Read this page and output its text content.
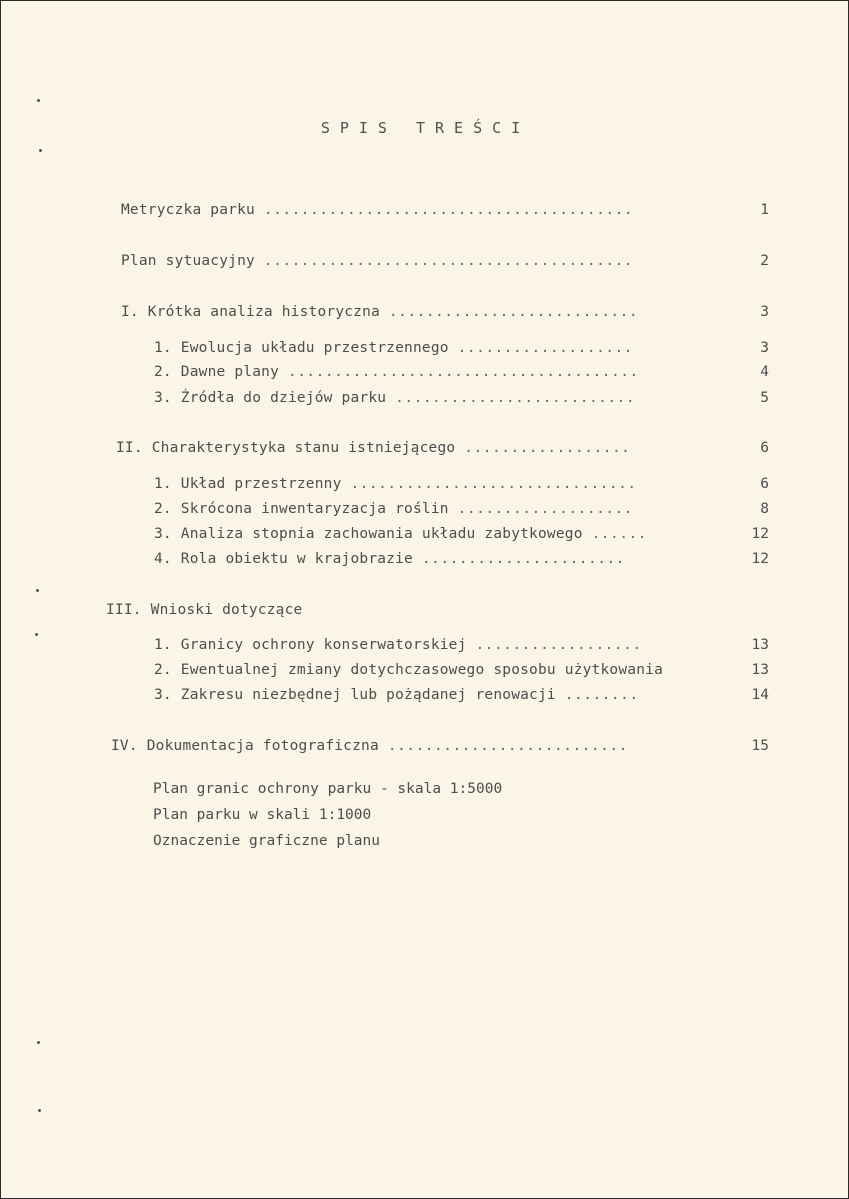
SPIS TREŚCI
Metryczka parku ........................................	1
Plan sytuacyjny ........................................	2
I. Krótka analiza historyczna ...........................	3
1. Ewolucja układu przestrzennego ...................	3
2. Dawne plany ......................................	4
3. Źródła do dziejów parku ..........................	5
II. Charakterystyka stanu istniejącego ..................	6
1. Układ przestrzenny ...............................	6
2. Skrócona inwentaryzacja roślin ...................	8
3. Analiza stopnia zachowania układu zabytkowego ......	12
4. Rola obiektu w krajobrazie ......................	12
III. Wnioski dotyczące
1. Granicy ochrony konserwatorskiej ..................	13
2. Ewentualnej zmiany dotychczasowego sposobu użytkowania	13
3. Zakresu niezbędnej lub pożądanej renowacji ........	14
IV. Dokumentacja fotograficzna ..........................	15
Plan granic ochrony parku - skala 1:5000
Plan parku w skali 1:1000
Oznaczenie graficzne planu
